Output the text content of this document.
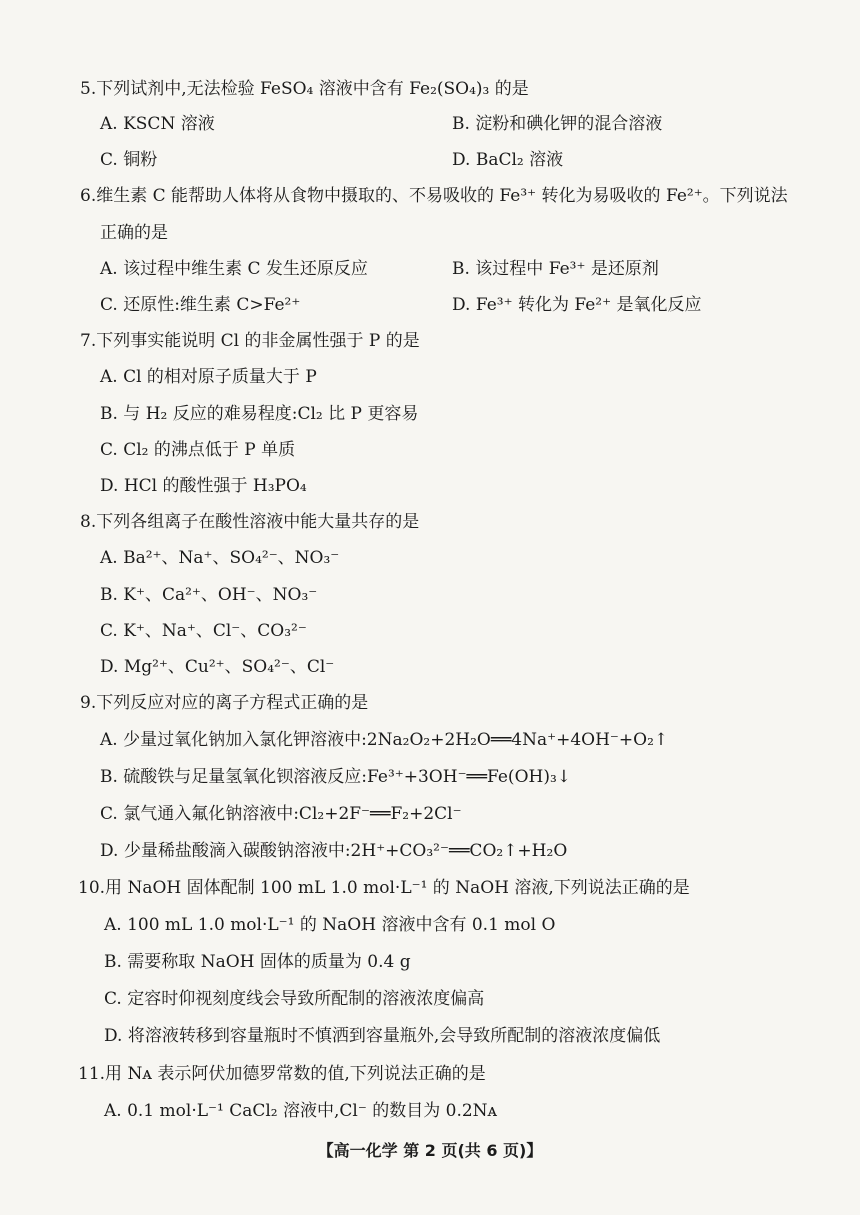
5.下列试剂中,无法检验 FeSO₄ 溶液中含有 Fe₂(SO₄)₃ 的是
A. KSCN 溶液	B. 淀粉和碘化钾的混合溶液
C. 铜粉	D. BaCl₂ 溶液
6.维生素 C 能帮助人体将从食物中摄取的、不易吸收的 Fe³⁺ 转化为易吸收的 Fe²⁺。下列说法
正确的是
A. 该过程中维生素 C 发生还原反应	B. 该过程中 Fe³⁺ 是还原剂
C. 还原性:维生素 C>Fe²⁺	D. Fe³⁺ 转化为 Fe²⁺ 是氧化反应
7.下列事实能说明 Cl 的非金属性强于 P 的是
A. Cl 的相对原子质量大于 P
B. 与 H₂ 反应的难易程度:Cl₂ 比 P 更容易
C. Cl₂ 的沸点低于 P 单质
D. HCl 的酸性强于 H₃PO₄
8.下列各组离子在酸性溶液中能大量共存的是
A. Ba²⁺、Na⁺、SO₄²⁻、NO₃⁻
B. K⁺、Ca²⁺、OH⁻、NO₃⁻
C. K⁺、Na⁺、Cl⁻、CO₃²⁻
D. Mg²⁺、Cu²⁺、SO₄²⁻、Cl⁻
9.下列反应对应的离子方程式正确的是
A. 少量过氧化钠加入氯化钾溶液中:2Na₂O₂+2H₂O══4Na⁺+4OH⁻+O₂↑
B. 硫酸铁与足量氢氧化钡溶液反应:Fe³⁺+3OH⁻══Fe(OH)₃↓
C. 氯气通入氟化钠溶液中:Cl₂+2F⁻══F₂+2Cl⁻
D. 少量稀盐酸滴入碳酸钠溶液中:2H⁺+CO₃²⁻══CO₂↑+H₂O
10.用 NaOH 固体配制 100 mL 1.0 mol·L⁻¹ 的 NaOH 溶液,下列说法正确的是
A. 100 mL 1.0 mol·L⁻¹ 的 NaOH 溶液中含有 0.1 mol O
B. 需要称取 NaOH 固体的质量为 0.4 g
C. 定容时仰视刻度线会导致所配制的溶液浓度偏高
D. 将溶液转移到容量瓶时不慎洒到容量瓶外,会导致所配制的溶液浓度偏低
11.用 Nᴀ 表示阿伏加德罗常数的值,下列说法正确的是
A. 0.1 mol·L⁻¹ CaCl₂ 溶液中,Cl⁻ 的数目为 0.2Nᴀ
【高一化学 第 2 页(共 6 页)】
